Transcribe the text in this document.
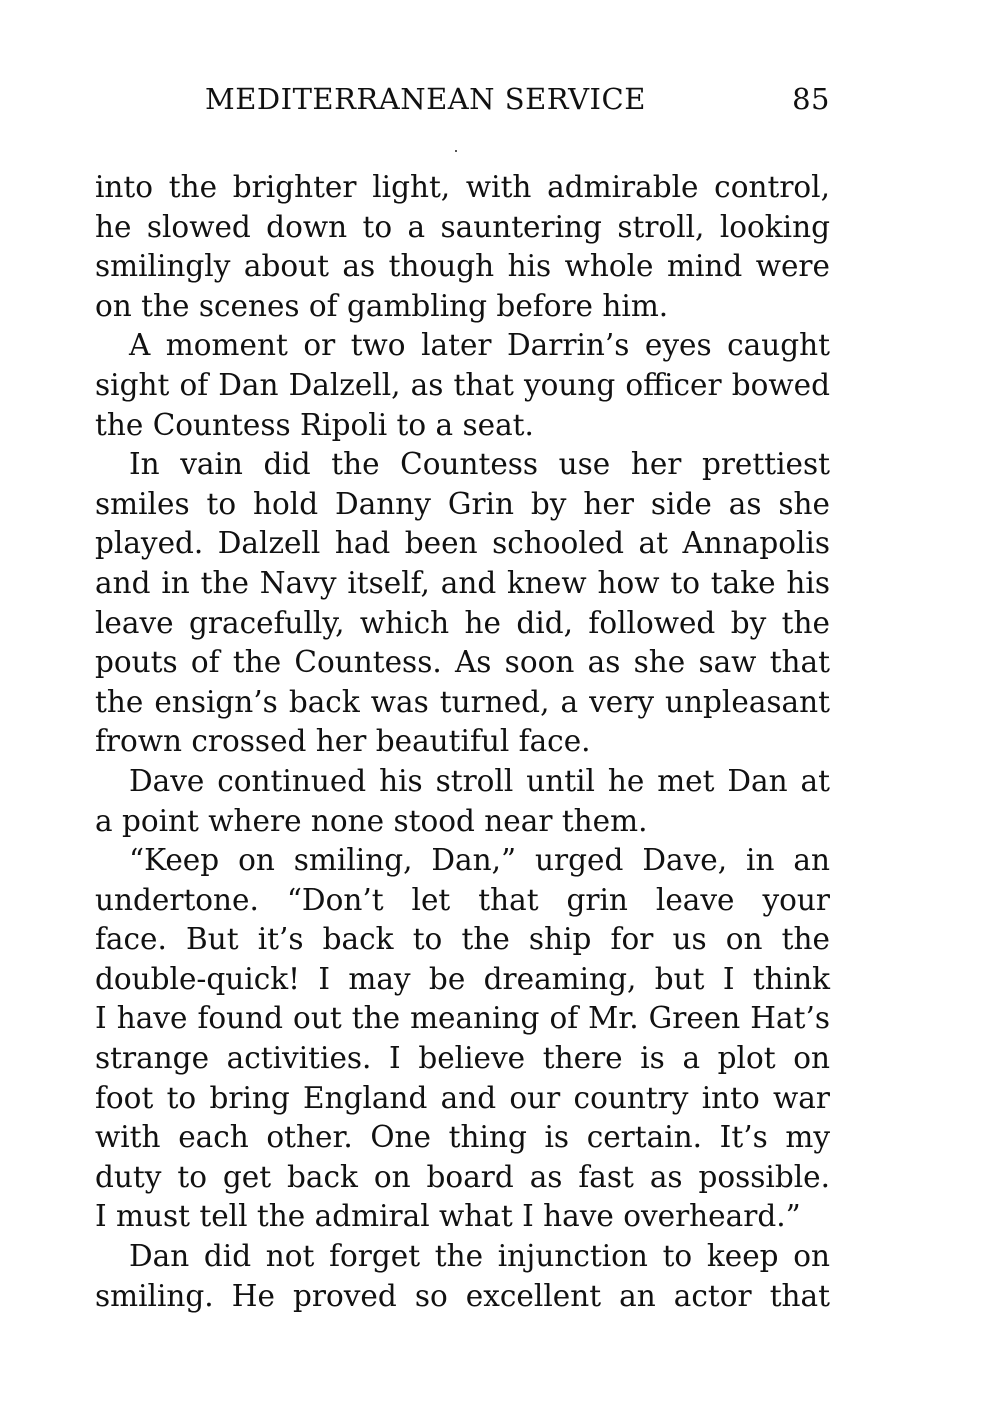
MEDITERRANEAN SERVICE	85
into the brighter light, with admirable control,
he slowed down to a sauntering stroll, looking
smilingly about as though his whole mind were
on the scenes of gambling before him.
A moment or two later Darrin’s eyes caught
sight of Dan Dalzell, as that young officer bowed
the Countess Ripoli to a seat.
In vain did the Countess use her prettiest
smiles to hold Danny Grin by her side as she
played. Dalzell had been schooled at Annapolis
and in the Navy itself, and knew how to take his
leave gracefully, which he did, followed by the
pouts of the Countess. As soon as she saw that
the ensign’s back was turned, a very unpleasant
frown crossed her beautiful face.
Dave continued his stroll until he met Dan at
a point where none stood near them.
“Keep on smiling, Dan,” urged Dave, in an
undertone. “Don’t let that grin leave your
face. But it’s back to the ship for us on the
double-quick! I may be dreaming, but I think
I have found out the meaning of Mr. Green Hat’s
strange activities. I believe there is a plot on
foot to bring England and our country into war
with each other. One thing is certain. It’s my
duty to get back on board as fast as possible.
I must tell the admiral what I have overheard.”
Dan did not forget the injunction to keep on
smiling. He proved so excellent an actor that
